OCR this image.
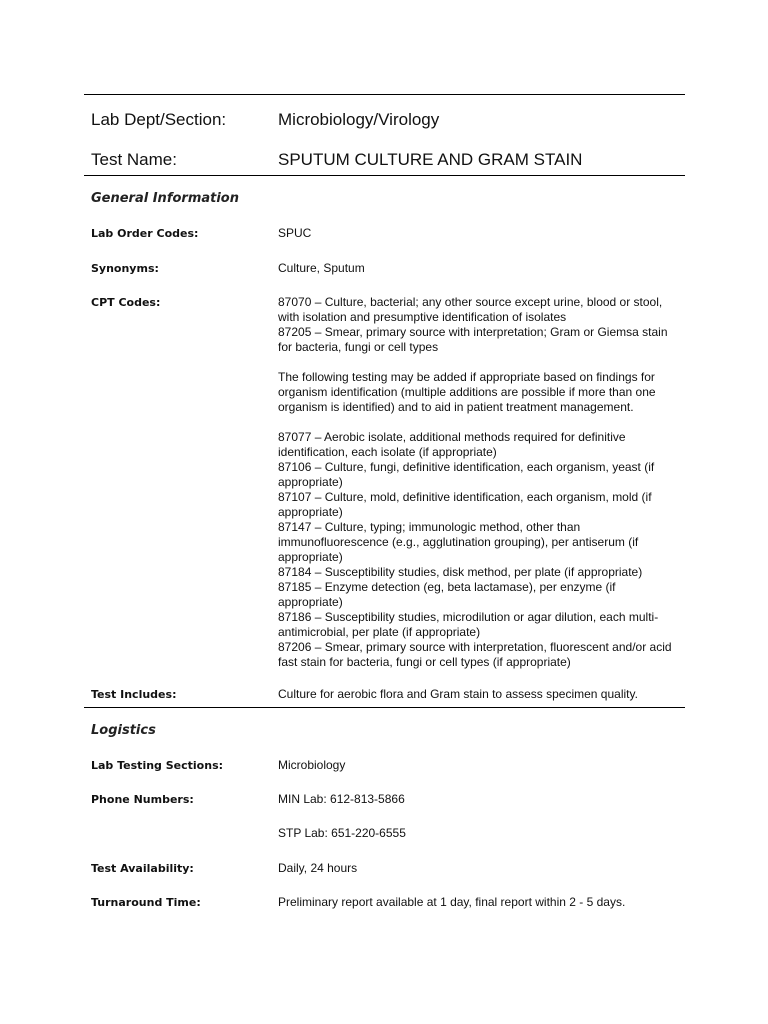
Lab Dept/Section:	Microbiology/Virology
Test Name:	SPUTUM CULTURE AND GRAM STAIN
General Information
Lab Order Codes:	SPUC
Synonyms:	Culture, Sputum
CPT Codes:	87070 – Culture, bacterial; any other source except urine, blood or stool, with isolation and presumptive identification of isolates

87205 – Smear, primary source with interpretation; Gram or Giemsa stain for bacteria, fungi or cell types

The following testing may be added if appropriate based on findings for organism identification (multiple additions are possible if more than one organism is identified) and to aid in patient treatment management.

87077 – Aerobic isolate, additional methods required for definitive identification, each isolate (if appropriate)

87106 – Culture, fungi, definitive identification, each organism, yeast (if appropriate)

87107 – Culture, mold, definitive identification, each organism, mold (if appropriate)

87147 – Culture, typing; immunologic method, other than immunofluorescence (e.g., agglutination grouping), per antiserum (if appropriate)

87184 – Susceptibility studies, disk method, per plate (if appropriate)

87185 – Enzyme detection (eg, beta lactamase), per enzyme (if appropriate)

87186 – Susceptibility studies, microdilution or agar dilution, each multi-antimicrobial, per plate (if appropriate)

87206 – Smear, primary source with interpretation, fluorescent and/or acid fast stain for bacteria, fungi or cell types (if appropriate)

Test Includes:	Culture for aerobic flora and Gram stain to assess specimen quality.
Logistics
Lab Testing Sections:	Microbiology
Phone Numbers:	MIN Lab: 612-813-5866
STP Lab: 651-220-6555
Test Availability:	Daily, 24 hours
Turnaround Time:	Preliminary report available at 1 day, final report within 2 - 5 days.
